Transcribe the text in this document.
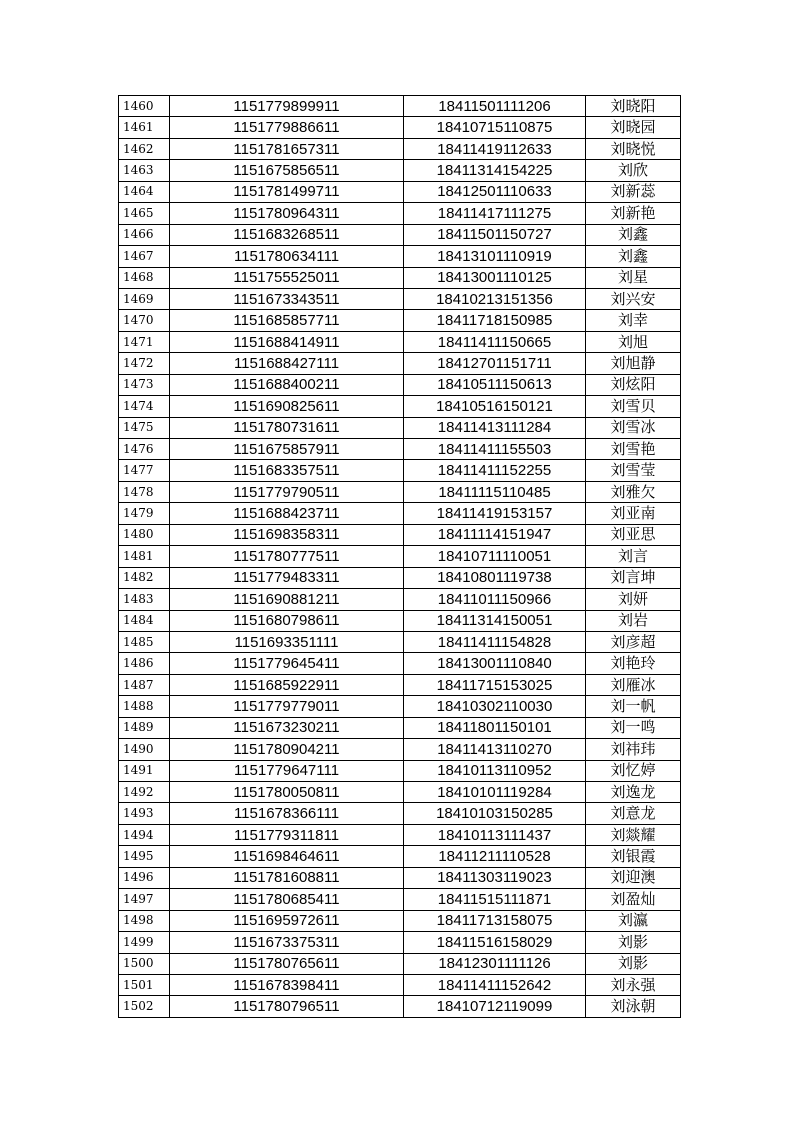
1460	1151779899911	18411501111206	刘晓阳
1461	1151779886611	18410715110875	刘晓园
1462	1151781657311	18411419112633	刘晓悦
1463	1151675856511	18411314154225	刘欣
1464	1151781499711	18412501110633	刘新蕊
1465	1151780964311	18411417111275	刘新艳
1466	1151683268511	18411501150727	刘鑫
1467	1151780634111	18413101110919	刘鑫
1468	1151755525011	18413001110125	刘星
1469	1151673343511	18410213151356	刘兴安
1470	1151685857711	18411718150985	刘幸
1471	1151688414911	18411411150665	刘旭
1472	1151688427111	18412701151711	刘旭静
1473	1151688400211	18410511150613	刘炫阳
1474	1151690825611	18410516150121	刘雪贝
1475	1151780731611	18411413111284	刘雪冰
1476	1151675857911	18411411155503	刘雪艳
1477	1151683357511	18411411152255	刘雪莹
1478	1151779790511	18411115110485	刘雅欠
1479	1151688423711	18411419153157	刘亚南
1480	1151698358311	18411114151947	刘亚思
1481	1151780777511	18410711110051	刘言
1482	1151779483311	18410801119738	刘言坤
1483	1151690881211	18411011150966	刘妍
1484	1151680798611	18411314150051	刘岩
1485	1151693351111	18411411154828	刘彦超
1486	1151779645411	18413001110840	刘艳玲
1487	1151685922911	18411715153025	刘雁冰
1488	1151779779011	18410302110030	刘一帆
1489	1151673230211	18411801150101	刘一鸣
1490	1151780904211	18411413110270	刘祎玮
1491	1151779647111	18410113110952	刘忆婷
1492	1151780050811	18410101119284	刘逸龙
1493	1151678366111	18410103150285	刘意龙
1494	1151779311811	18410113111437	刘燚耀
1495	1151698464611	18411211110528	刘银霞
1496	1151781608811	18411303119023	刘迎澳
1497	1151780685411	18411515111871	刘盈灿
1498	1151695972611	18411713158075	刘瀛
1499	1151673375311	18411516158029	刘影
1500	1151780765611	18412301111126	刘影
1501	1151678398411	18411411152642	刘永强
1502	1151780796511	18410712119099	刘泳朝
